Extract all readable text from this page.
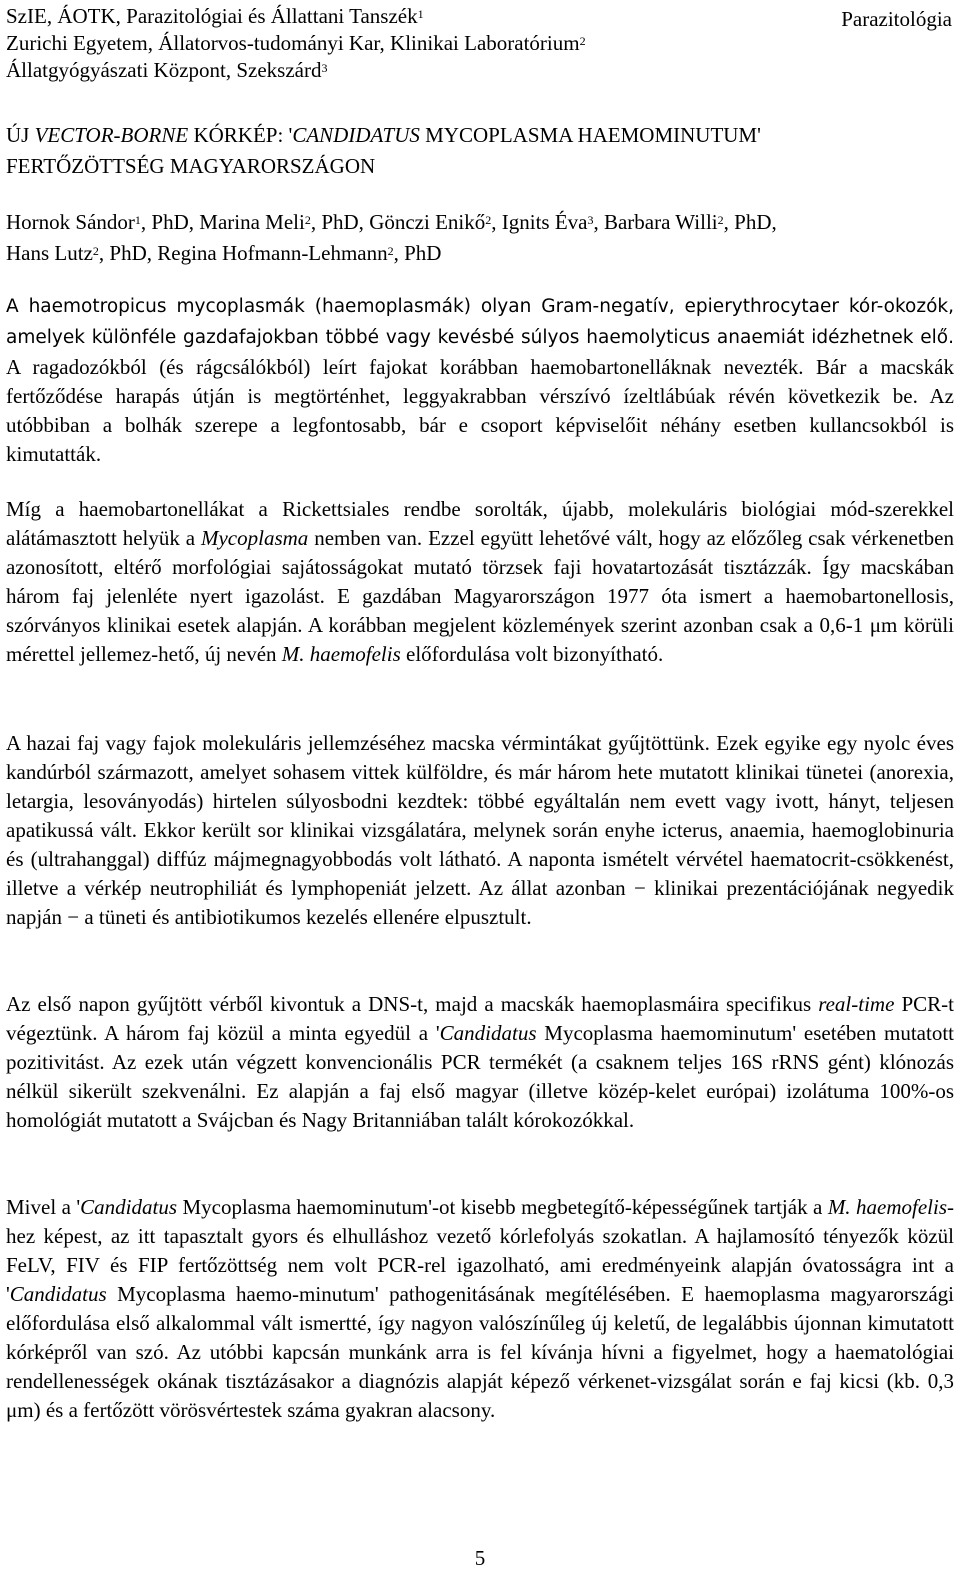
SzIE, ÁOTK, Parazitológiai és Állattani Tanszék$^1$
Zurichi Egyetem, Állatorvos-tudományi Kar, Klinikai Laboratórium$^2$
Állatgyógyászati Központ, Szekszárd$^3$
Parazitológia
ÚJ VECTOR-BORNE KÓRKÉP: 'CANDIDATUS MYCOPLASMA HAEMOMINUTUM'
FERTŐZÖTTSÉG MAGYARORSZÁGON
Hornok Sándor$^1$, PhD, Marina Meli$^2$, PhD, Gönczi Enikő$^2$, Ignits Éva$^3$, Barbara Willi$^2$, PhD,
Hans Lutz$^2$, PhD, Regina Hofmann-Lehmann$^2$, PhD
A haemotropicus mycoplasmák (haemoplasmák) olyan Gram-negatív, epierythrocytaer kór-okozók, amelyek különféle gazdafajokban többé vagy kevésbé súlyos haemolyticus anaemiát idézhetnek elő. A ragadozókból (és rágcsálókból) leírt fajokat korábban haemobartonelláknak nevezték. Bár a macskák fertőződése harapás útján is megtörténhet, leggyakrabban vérszívó ízeltlábúak révén következik be. Az utóbbiban a bolhák szerepe a legfontosabb, bár e csoport képviselőit néhány esetben kullancsokból is kimutatták.
Míg a haemobartonellákat a Rickettsiales rendbe sorolták, újabb, molekuláris biológiai mód-szerekkel alátámasztott helyük a Mycoplasma nemben van. Ezzel együtt lehetővé vált, hogy az előzőleg csak vérkenetben azonosított, eltérő morfológiai sajátosságokat mutató törzsek faji hovatartozását tisztázzák. Így macskában három faj jelenléte nyert igazolást. E gazdában Magyarországon 1977 óta ismert a haemobartonellosis, szórványos klinikai esetek alapján. A korábban megjelent közlemények szerint azonban csak a 0,6-1 μm körüli mérettel jellemez-hető, új nevén M. haemofelis előfordulása volt bizonyítható.
A hazai faj vagy fajok molekuláris jellemzéséhez macska vérmintákat gyűjtöttünk. Ezek egyike egy nyolc éves kandúrból származott, amelyet sohasem vittek külföldre, és már három hete mutatott klinikai tünetei (anorexia, letargia, lesoványodás) hirtelen súlyosbodni kezdtek: többé egyáltalán nem evett vagy ivott, hányt, teljesen apatikussá vált. Ekkor került sor klinikai vizsgálatára, melynek során enyhe icterus, anaemia, haemoglobinuria és (ultrahanggal) diffúz májmegnagyobbodás volt látható. A naponta ismételt vérvétel haematocrit-csökkenést, illetve a vérkép neutrophiliát és lymphopeniát jelzett. Az állat azonban − klinikai prezentációjának negyedik napján − a tüneti és antibiotikumos kezelés ellenére elpusztult.
Az első napon gyűjtött vérből kivontuk a DNS-t, majd a macskák haemoplasmáira specifikus real-time PCR-t végeztünk. A három faj közül a minta egyedül a 'Candidatus Mycoplasma haemominutum' esetében mutatott pozitivitást. Az ezek után végzett konvencionális PCR termékét (a csaknem teljes 16S rRNS gént) klónozás nélkül sikerült szekvenálni. Ez alapján a faj első magyar (illetve közép-kelet európai) izolátuma 100%-os homológiát mutatott a Svájcban és Nagy Britanniában talált kórokozókkal.
Mivel a 'Candidatus Mycoplasma haemominutum'-ot kisebb megbetegítő-képességűnek tartják a M. haemofelis-hez képest, az itt tapasztalt gyors és elhulláshoz vezető kórlefolyás szokatlan. A hajlamosító tényezők közül FeLV, FIV és FIP fertőzöttség nem volt PCR-rel igazolható, ami eredményeink alapján óvatosságra int a 'Candidatus Mycoplasma haemo-minutum' pathogenitásának megítélésében. E haemoplasma magyarországi előfordulása első alkalommal vált ismertté, így nagyon valószínűleg új keletű, de legalábbis újonnan kimutatott kórképről van szó. Az utóbbi kapcsán munkánk arra is fel kívánja hívni a figyelmet, hogy a haematológiai rendellenességek okának tisztázásakor a diagnózis alapját képező vérkenet-vizsgálat során e faj kicsi (kb. 0,3 μm) és a fertőzött vörösvértestek száma gyakran alacsony.
5
